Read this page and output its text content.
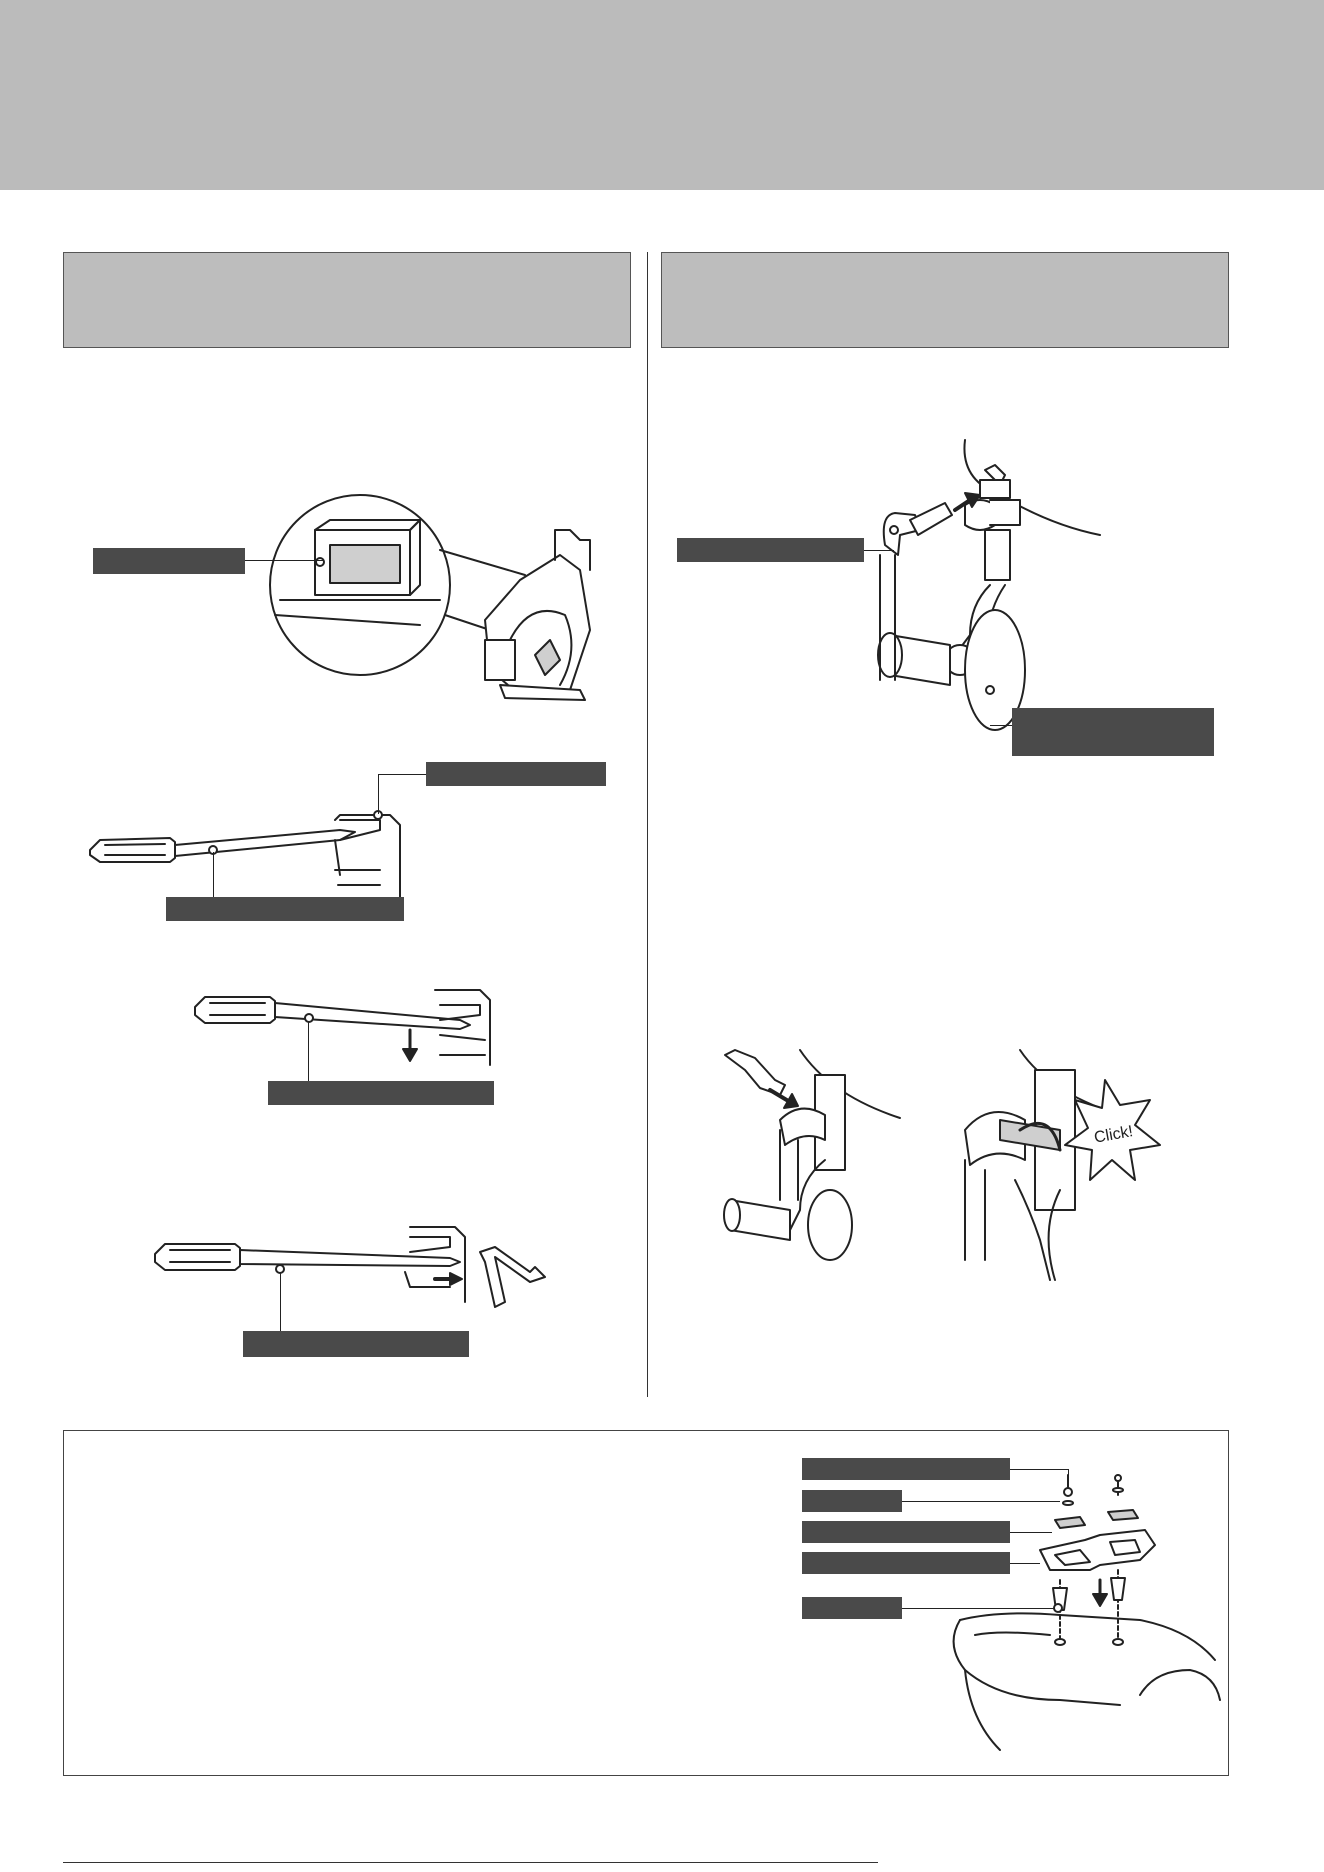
Click!
